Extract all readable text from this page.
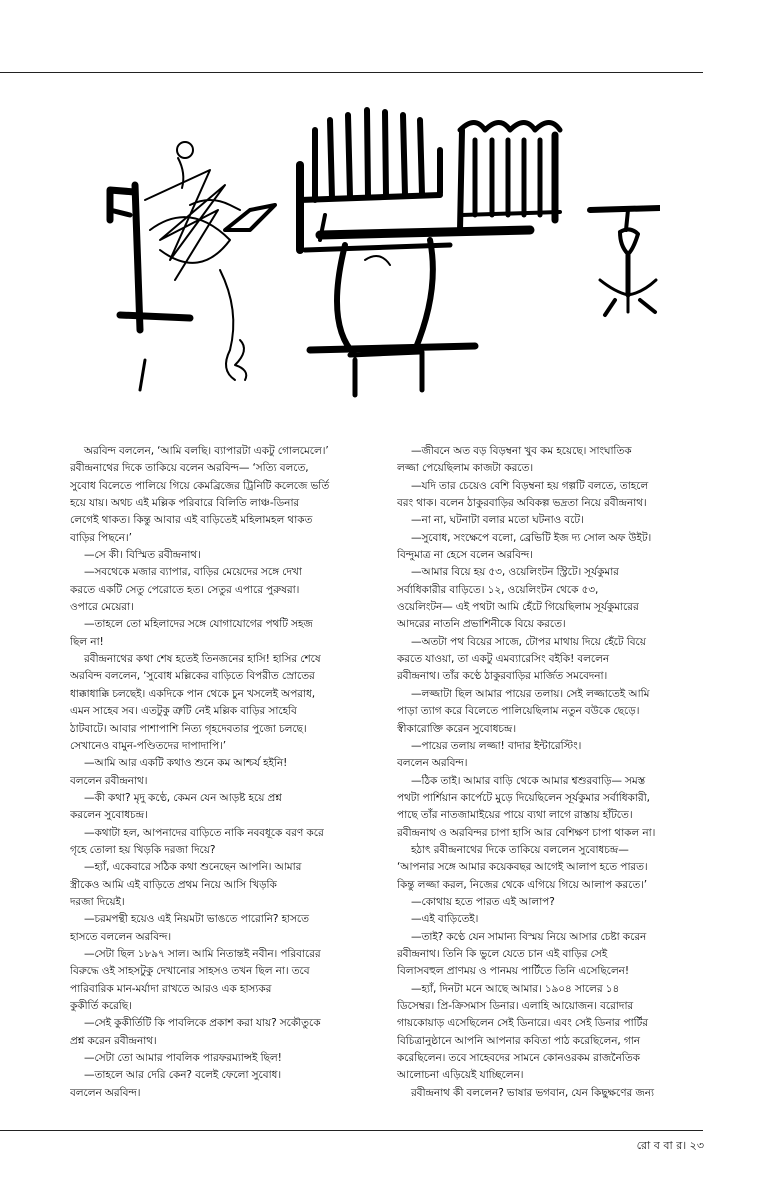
অরবিন্দ বললেন, ‘আমি বলছি। ব্যাপারটা একটু গোলমেলে।’

রবীন্দ্রনাথের দিকে তাকিয়ে বলেন অরবিন্দ— ‘সত্যি বলতে,

সুবোধ বিলেতে পালিয়ে গিয়ে কেমব্রিজের ট্রিনিটি কলেজে ভর্তি

হয়ে যায়। অথচ এই মল্লিক পরিবারে বিলিতি লাঞ্চ-ডিনার

লেগেই থাকত। কিন্তু আবার এই বাড়িতেই মহিলামহল থাকত

বাড়ির পিছনে।’

—সে কী। বিস্মিত রবীন্দ্রনাথ।

—সবথেকে মজার ব্যাপার, বাড়ির মেয়েদের সঙ্গে দেখা

করতে একটি সেতু পেরোতে হত। সেতুর এপারে পুরুষরা।

ওপারে মেয়েরা।

—তাহলে তো মহিলাদের সঙ্গে যোগাযোগের পথটি সহজ

ছিল না!

রবীন্দ্রনাথের কথা শেষ হতেই তিনজনের হাসি! হাসির শেষে

অরবিন্দ বললেন, ‘সুবোধ মল্লিকের বাড়িতে বিপরীত স্রোতের

ধাক্কাধাক্কি চলছেই। একদিকে পান থেকে চুন খসলেই অপরাধ,

এমন সাহেব সব। এতটুকু ত্রুটি নেই মল্লিক বাড়ির সাহেবি

ঠাটবাটে। আবার পাশাপাশি নিত্য গৃহদেবতার পুজো চলছে।

সেখানেও বামুন-পণ্ডিতদের দাপাদাপি।’

—আমি আর একটি কথাও শুনে কম আশ্চর্য হইনি!

বললেন রবীন্দ্রনাথ।

—কী কথা? মৃদু কণ্ঠে, কেমন যেন আড়ষ্ট হয়ে প্রশ্ন

করলেন সুবোধচন্দ্র।

—কথাটা হল, আপনাদের বাড়িতে নাকি নববধূকে বরণ করে

গৃহে তোলা হয় খিড়কি দরজা দিয়ে?

—হ্যাঁ, একেবারে সঠিক কথা শুনেছেন আপনি। আমার

স্ত্রীকেও আমি এই বাড়িতে প্রথম নিয়ে আসি খিড়কি

দরজা দিয়েই।

—চরমপন্থী হয়েও এই নিয়মটা ভাঙতে পারোনি? হাসতে

হাসতে বললেন অরবিন্দ।

—সেটা ছিল ১৮৯৭ সাল। আমি নিতান্তই নবীন। পরিবারের

বিরুদ্ধে ওই সাহসটুকু দেখানোর সাহসও তখন ছিল না। তবে

পারিবারিক মান-মর্যাদা রাখতে আরও এক হাস্যকর

কুকীর্তি করেছি।

—সেই কুকীর্তিটি কি পাবলিকে প্রকাশ করা যায়? সকৌতুকে

প্রশ্ন করেন রবীন্দ্রনাথ।

—সেটা তো আমার পাবলিক পারফরম্যান্সই ছিল!

—তাহলে আর দেরি কেন? বলেই ফেলো সুবোধ।

বললেন অরবিন্দ।

—জীবনে অত বড় বিড়ম্বনা খুব কম হয়েছে। সাংঘাতিক

লজ্জা পেয়েছিলাম কাজটা করতে।

—যদি তার চেয়েও বেশি বিড়ম্বনা হয় গল্পটি বলতে, তাহলে

বরং থাক। বলেন ঠাকুরবাড়ির অবিকল্প ভদ্রতা নিয়ে রবীন্দ্রনাথ।

—না না, ঘটনাটা বলার মতো ঘটনাও বটে।

—সুবোধ, সংক্ষেপে বলো, ব্রেভিটি ইজ দ্য সোল অফ উইট।

বিন্দুমাত্র না হেসে বলেন অরবিন্দ।

—আমার বিয়ে হয় ৫৩, ওয়েলিংটন স্ট্রিটে। সূর্যকুমার

সর্বাধিকারীর বাড়িতে। ১২, ওয়েলিংটন থেকে ৫৩,

ওয়েলিংটন— এই পথটা আমি হেঁটে গিয়েছিলাম সূর্যকুমারের

আদরের নাতনি প্রভাশিনীকে বিয়ে করতে।

—অতটা পথ বিয়ের সাজে, টোপর মাথায় দিয়ে হেঁটে বিয়ে

করতে যাওয়া, তা একটু এমব্যারেসিং বইকি! বললেন

রবীন্দ্রনাথ। তাঁর কণ্ঠে ঠাকুরবাড়ির মার্জিত সমবেদনা।

—লজ্জাটা ছিল আমার পায়ের তলায়। সেই লজ্জাতেই আমি

পাড়া ত্যাগ করে বিলেতে পালিয়েছিলাম নতুন বউকে ছেড়ে।

স্বীকারোক্তি করেন সুবোধচন্দ্র।

—পায়ের তলায় লজ্জা! বাদার ইন্টারেস্টিং।

বললেন অরবিন্দ।

—ঠিক তাই। আমার বাড়ি থেকে আমার শ্বশুরবাড়ি— সমস্ত

পথটা পার্শিয়ান কার্পেটে মুড়ে দিয়েছিলেন সূর্যকুমার সর্বাধিকারী,

পাছে তাঁর নাতজামাইয়ের পায়ে ব্যথা লাগে রাস্তায় হাঁটতে।

রবীন্দ্রনাথ ও অরবিন্দর চাপা হাসি আর বেশিক্ষণ চাপা থাকল না।

হঠাৎ রবীন্দ্রনাথের দিকে তাকিয়ে বললেন সুবোধচন্দ্র—

‘আপনার সঙ্গে আমার কয়েকবছর আগেই আলাপ হতে পারত।

কিন্তু লজ্জা করল, নিজের থেকে এগিয়ে গিয়ে আলাপ করতে।’

—কোথায় হতে পারত এই আলাপ?

—এই বাড়িতেই।

—তাই? কণ্ঠে যেন সামান্য বিস্ময় নিয়ে আসার চেষ্টা করেন

রবীন্দ্রনাথ। তিনি কি ভুলে যেতে চান এই বাড়ির সেই

বিলাসবহুল প্রাণময় ও পানময় পার্টিতে তিনি এসেছিলেন!

—হ্যাঁ, দিনটা মনে আছে আমার। ১৯০৪ সালের ১৪

ডিসেম্বর। প্রি-ক্রিসমাস ডিনার। এলাহি আয়োজন। বরোদার

গায়কোয়াড় এসেছিলেন সেই ডিনারে। এবং সেই ডিনার পার্টির

বিচিত্রানুষ্ঠানে আপনি আপনার কবিতা পাঠ করেছিলেন, গান

করেছিলেন। তবে সাহেবদের সামনে কোনওরকম রাজনৈতিক

আলোচনা এড়িয়েই যাচ্ছিলেন।

রবীন্দ্রনাথ কী বললেন? ভাষার ভগবান, যেন কিছুক্ষণের জন্য

রো ব বা র। ২৩
